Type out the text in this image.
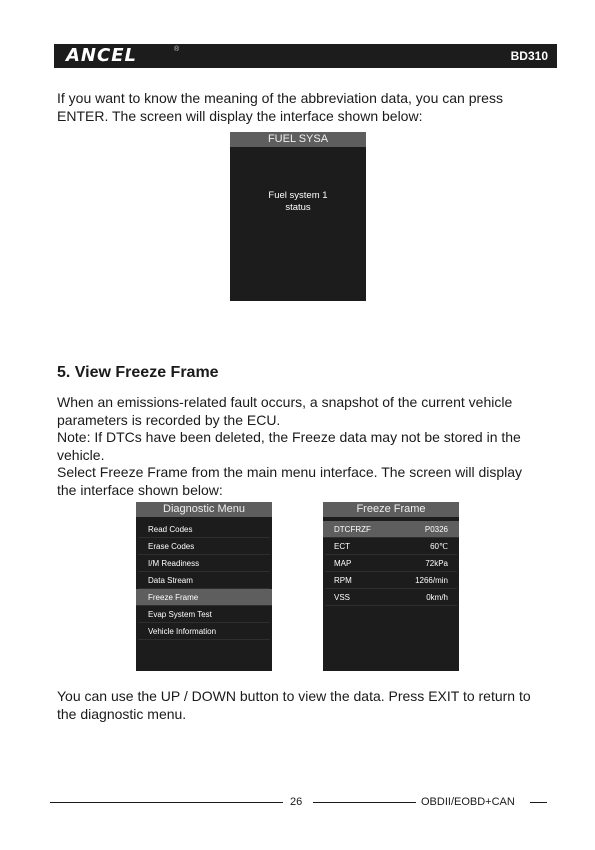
ANCEL	®	BD310

If you want to know the meaning of the abbreviation data, you can press
ENTER. The screen will display the interface shown below:

FUEL SYSA
Fuel system 1
status
5. View Freeze Frame

When an emissions-related fault occurs, a snapshot of the current vehicle
parameters is recorded by the ECU.
Note: If DTCs have been deleted, the Freeze data may not be stored in the
vehicle.
Select Freeze Frame from the main menu interface. The screen will display
the interface shown below:

Diagnostic Menu
Read Codes
Erase Codes
I/M Readiness
Data Stream
Freeze Frame
Evap System Test
Vehicle Information
Freeze Frame
DTCFRZF	P0326
ECT	60℃
MAP	72kPa
RPM	1266/min
VSS	0km/h

You can use the UP / DOWN button to view the data. Press EXIT to return to
the diagnostic menu.

26	OBDII/EOBD+CAN
